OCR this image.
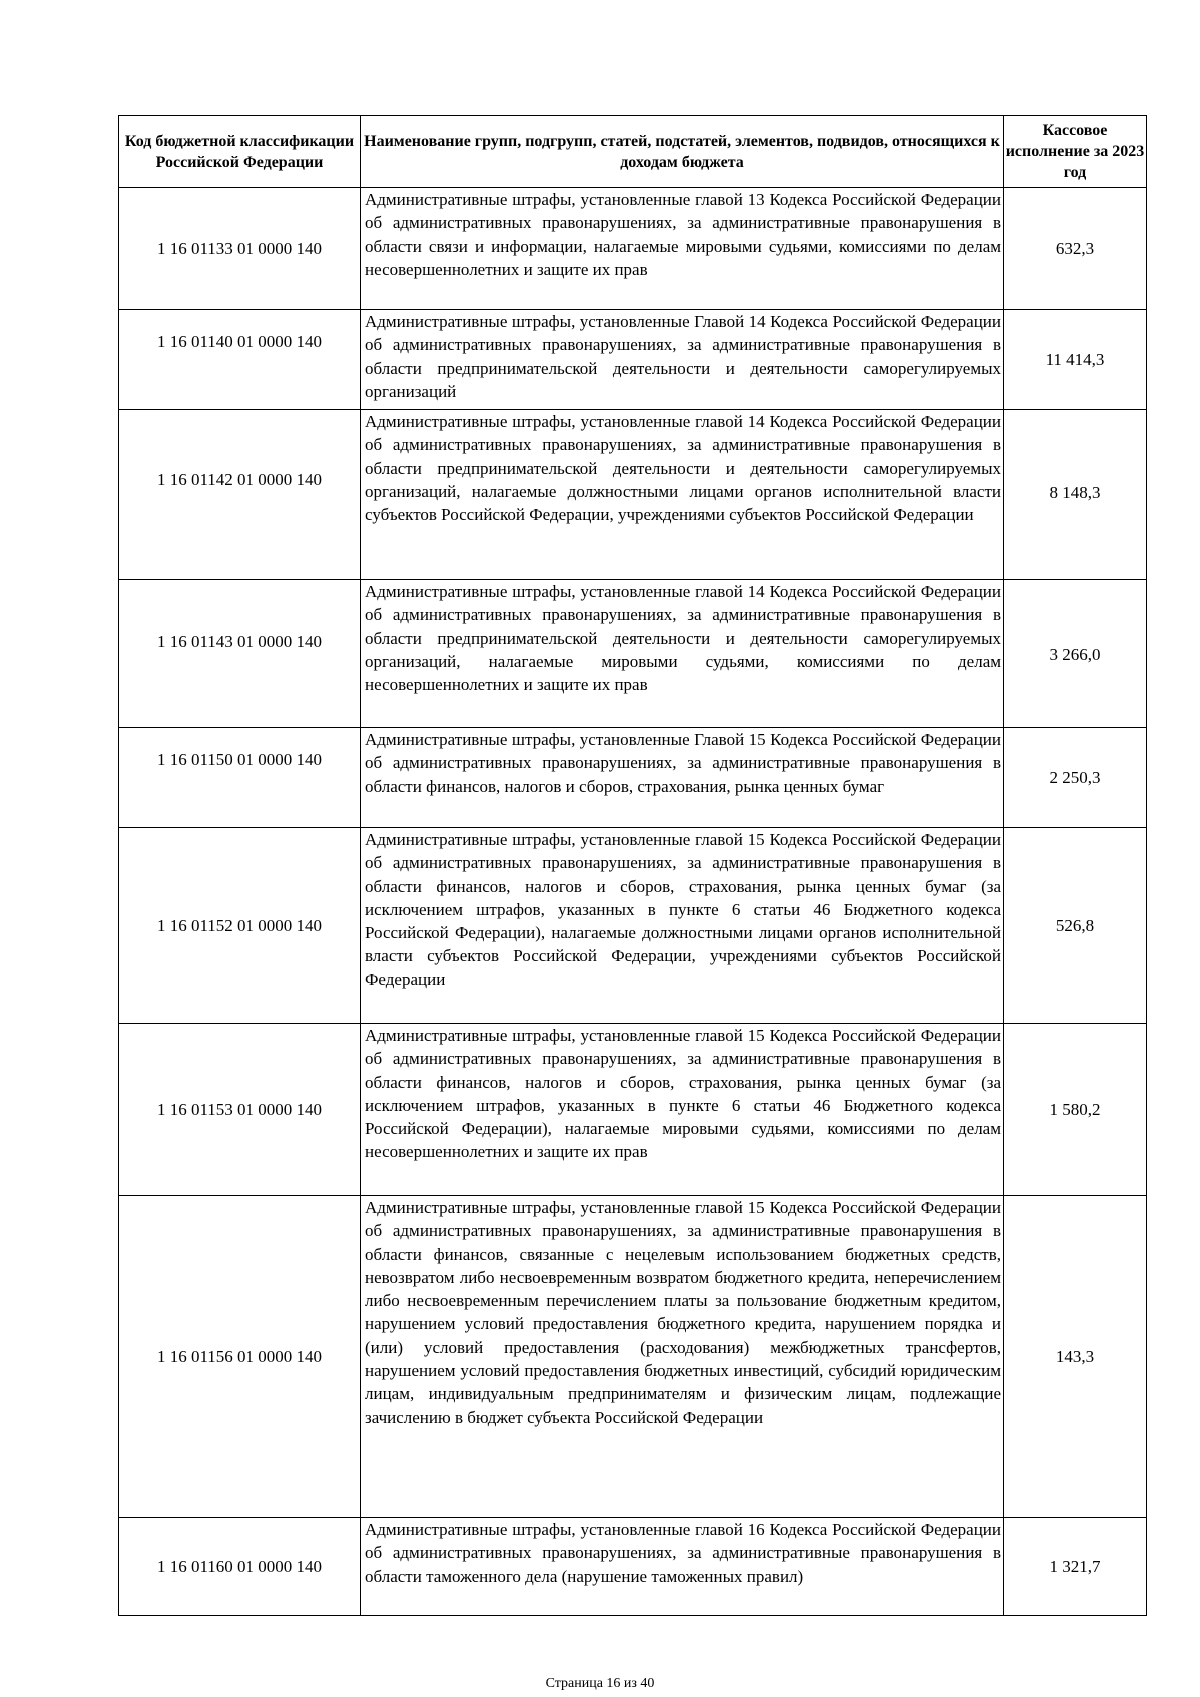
Код бюджетной классификации Российской Федерации	Наименование групп, подгрупп, статей, подстатей, элементов, подвидов, относящихся к доходам бюджета	Кассовое исполнение за 2023 год
1 16 01133 01 0000 140	Административные штрафы, установленные главой 13 Кодекса Российской Федерации об административных правонарушениях, за административные правонарушения в области связи и информации, налагаемые мировыми судьями, комиссиями по делам несовершеннолетних и защите их прав	632,3
1 16 01140 01 0000 140	Административные штрафы, установленные Главой 14 Кодекса Российской Федерации об административных правонарушениях, за административные правонарушения в области предпринимательской деятельности и деятельности саморегулируемых организаций	11 414,3
1 16 01142 01 0000 140	Административные штрафы, установленные главой 14 Кодекса Российской Федерации об административных правонарушениях, за административные правонарушения в области предпринимательской деятельности и деятельности саморегулируемых организаций, налагаемые должностными лицами органов исполнительной власти субъектов Российской Федерации, учреждениями субъектов Российской Федерации	8 148,3
1 16 01143 01 0000 140	Административные штрафы, установленные главой 14 Кодекса Российской Федерации об административных правонарушениях, за административные правонарушения в области предпринимательской деятельности и деятельности саморегулируемых организаций, налагаемые мировыми судьями, комиссиями по делам несовершеннолетних и защите их прав	3 266,0
1 16 01150 01 0000 140	Административные штрафы, установленные Главой 15 Кодекса Российской Федерации об административных правонарушениях, за административные правонарушения в области финансов, налогов и сборов, страхования, рынка ценных бумаг	2 250,3
1 16 01152 01 0000 140	Административные штрафы, установленные главой 15 Кодекса Российской Федерации об административных правонарушениях, за административные правонарушения в области финансов, налогов и сборов, страхования, рынка ценных бумаг (за исключением штрафов, указанных в пункте 6 статьи 46 Бюджетного кодекса Российской Федерации), налагаемые должностными лицами органов исполнительной власти субъектов Российской Федерации, учреждениями субъектов Российской Федерации	526,8
1 16 01153 01 0000 140	Административные штрафы, установленные главой 15 Кодекса Российской Федерации об административных правонарушениях, за административные правонарушения в области финансов, налогов и сборов, страхования, рынка ценных бумаг (за исключением штрафов, указанных в пункте 6 статьи 46 Бюджетного кодекса Российской Федерации), налагаемые мировыми судьями, комиссиями по делам несовершеннолетних и защите их прав	1 580,2
1 16 01156 01 0000 140	Административные штрафы, установленные главой 15 Кодекса Российской Федерации об административных правонарушениях, за административные правонарушения в области финансов, связанные с нецелевым использованием бюджетных средств, невозвратом либо несвоевременным возвратом бюджетного кредита, неперечислением либо несвоевременным перечислением платы за пользование бюджетным кредитом, нарушением условий предоставления бюджетного кредита, нарушением порядка и (или) условий предоставления (расходования) межбюджетных трансфертов, нарушением условий предоставления бюджетных инвестиций, субсидий юридическим лицам, индивидуальным предпринимателям и физическим лицам, подлежащие зачислению в бюджет субъекта Российской Федерации	143,3
1 16 01160 01 0000 140	Административные штрафы, установленные главой 16 Кодекса Российской Федерации об административных правонарушениях, за административные правонарушения в области таможенного дела (нарушение таможенных правил)	1 321,7
Страница 16 из 40
